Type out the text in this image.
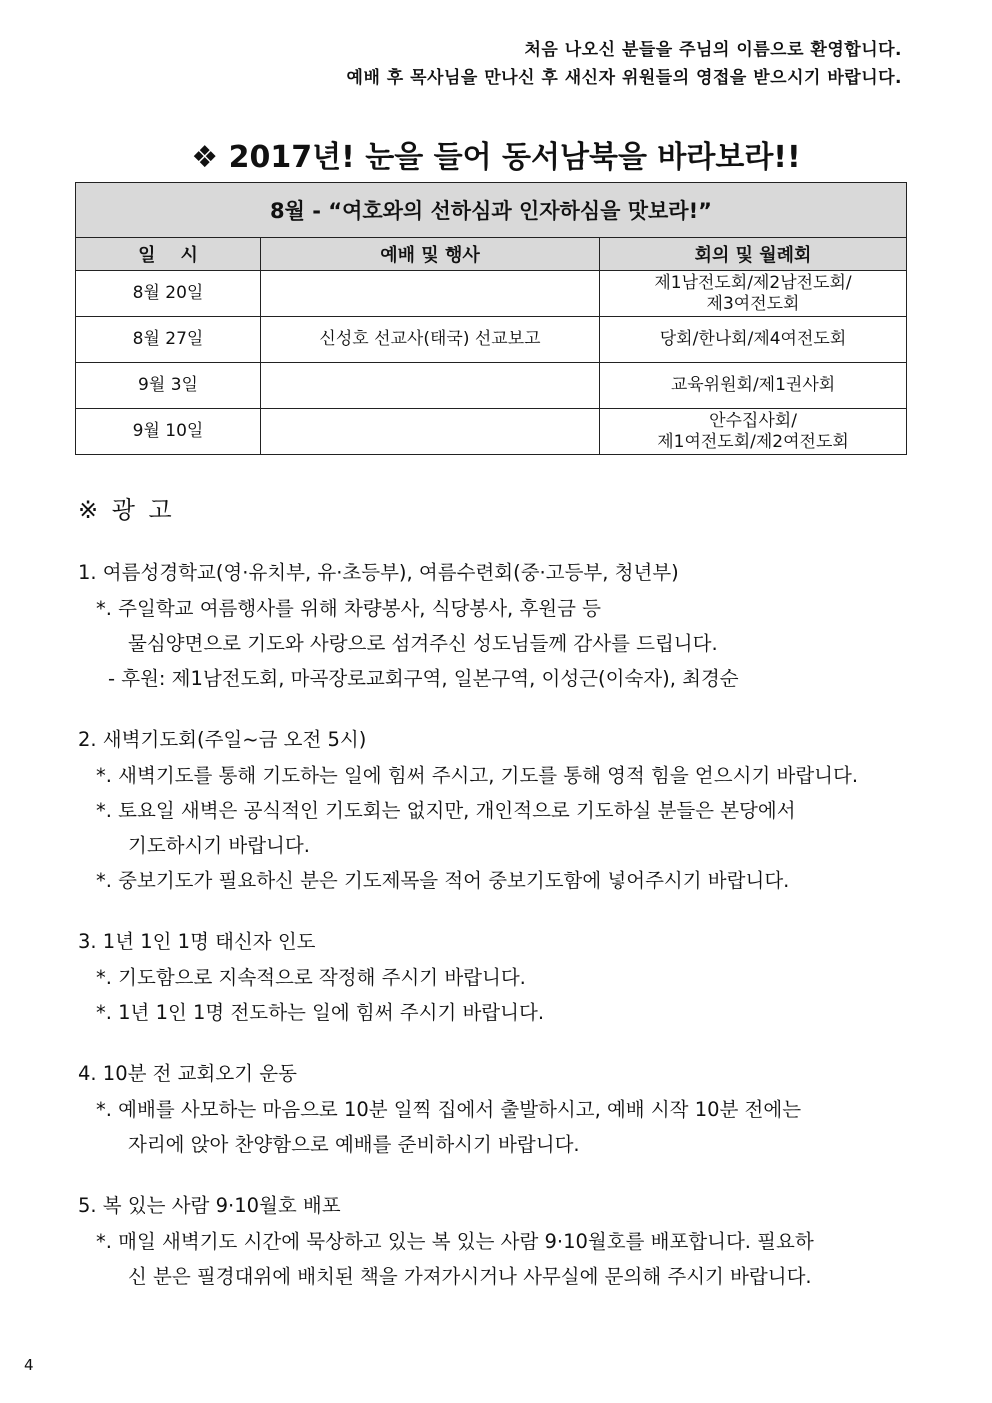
처음 나오신 분들을 주님의 이름으로 환영합니다.
예배 후 목사님을 만나신 후 새신자 위원들의 영접을 받으시기 바랍니다.
❖ 2017년! 눈을 들어 동서남북을 바라보라!!
8월 - “여호와의 선하심과 인자하심을 맛보라!”		
일    시	예배 및 행사	회의 및 월례회
8월 20일		제1남전도회/제2남전도회/
제3여전도회

8월 27일	신성호 선교사(태국) 선교보고	당회/한나회/제4여전도회

9월 3일		교육위원회/제1권사회

9월 10일		안수집사회/
제1여전도회/제2여전도회
※ 광 고
1. 여름성경학교(영·유치부, 유·초등부), 여름수련회(중·고등부, 청년부)
*. 주일학교 여름행사를 위해 차량봉사, 식당봉사, 후원금 등
물심양면으로 기도와 사랑으로 섬겨주신 성도님들께 감사를 드립니다.
- 후원: 제1남전도회, 마곡장로교회구역, 일본구역, 이성근(이숙자), 최경순
2. 새벽기도회(주일~금 오전 5시)
*. 새벽기도를 통해 기도하는 일에 힘써 주시고, 기도를 통해 영적 힘을 얻으시기 바랍니다.
*. 토요일 새벽은 공식적인 기도회는 없지만, 개인적으로 기도하실 분들은 본당에서
기도하시기 바랍니다.
*. 중보기도가 필요하신 분은 기도제목을 적어 중보기도함에 넣어주시기 바랍니다.
3. 1년 1인 1명 태신자 인도
*. 기도함으로 지속적으로 작정해 주시기 바랍니다.
*. 1년 1인 1명 전도하는 일에 힘써 주시기 바랍니다.
4. 10분 전 교회오기 운동
*. 예배를 사모하는 마음으로 10분 일찍 집에서 출발하시고, 예배 시작 10분 전에는
자리에 앉아 찬양함으로 예배를 준비하시기 바랍니다.
5. 복 있는 사람 9·10월호 배포
*. 매일 새벽기도 시간에 묵상하고 있는 복 있는 사람 9·10월호를 배포합니다. 필요하
신 분은 필경대위에 배치된 책을 가져가시거나 사무실에 문의해 주시기 바랍니다.
4
